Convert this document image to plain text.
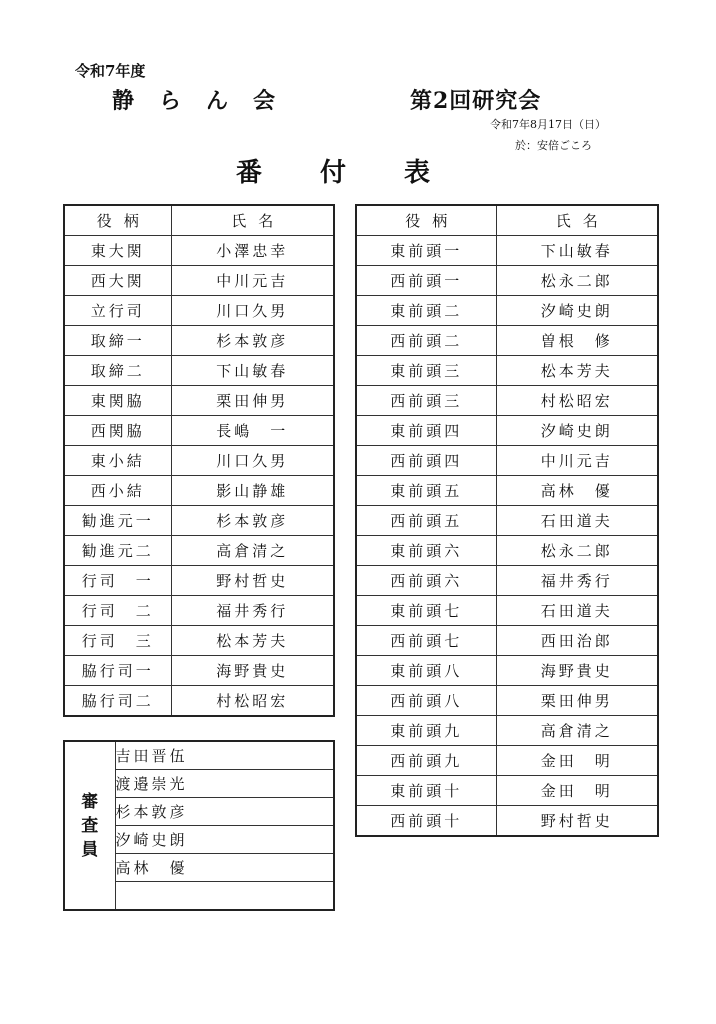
令和7年度
静らん会	第2回研究会
令和7年8月17日（日）
於：安倍ごころ
番付表
役柄	氏名
東大関	小澤忠幸
西大関	中川元吉
立行司	川口久男
取締一	杉本敦彦
取締二	下山敏春
東関脇	栗田伸男
西関脇	長嶋　一
東小結	川口久男
西小結	影山静雄
勧進元一	杉本敦彦
勧進元二	高倉清之
行司　一	野村哲史
行司　二	福井秀行
行司　三	松本芳夫
脇行司一	海野貴史
脇行司二	村松昭宏
役柄	氏名
東前頭一	下山敏春
西前頭一	松永二郎
東前頭二	汐崎史朗
西前頭二	曽根　修
東前頭三	松本芳夫
西前頭三	村松昭宏
東前頭四	汐崎史朗
西前頭四	中川元吉
東前頭五	高林　優
西前頭五	石田道夫
東前頭六	松永二郎
西前頭六	福井秀行
東前頭七	石田道夫
西前頭七	西田治郎
東前頭八	海野貴史
西前頭八	栗田伸男
東前頭九	高倉清之
西前頭九	金田　明
東前頭十	金田　明
西前頭十	野村哲史
審査員	吉田晋伍
渡邉崇光
杉本敦彦
汐崎史朗
高林　優
